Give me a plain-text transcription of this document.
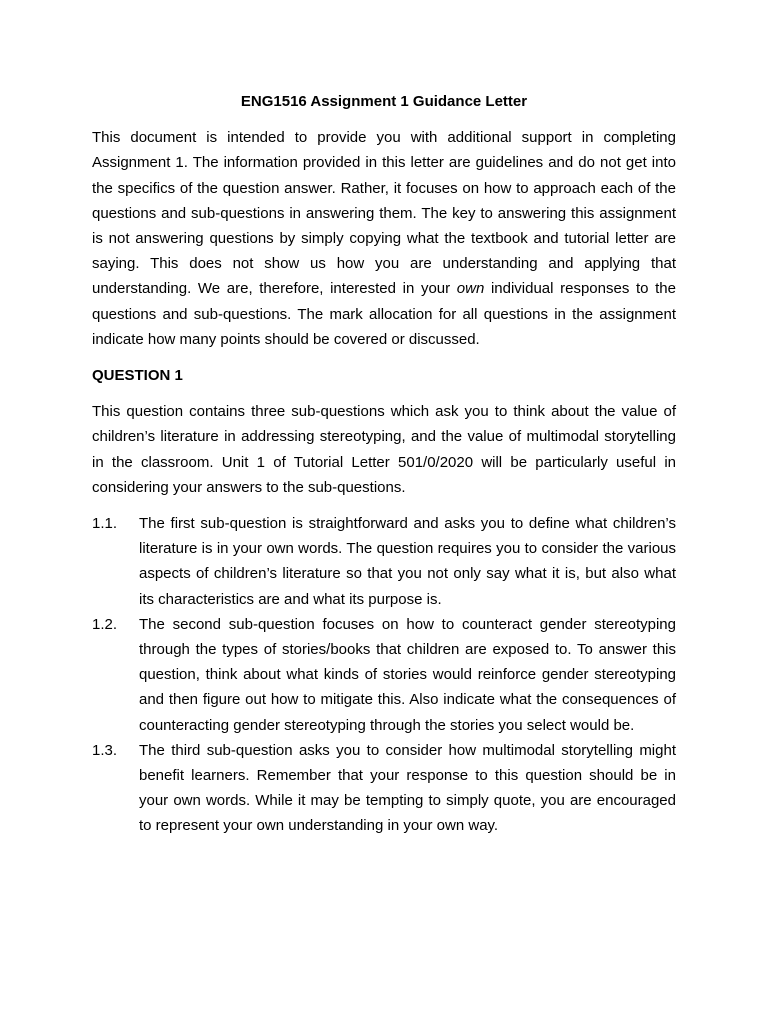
ENG1516 Assignment 1 Guidance Letter
This document is intended to provide you with additional support in completing Assignment 1. The information provided in this letter are guidelines and do not get into the specifics of the question answer. Rather, it focuses on how to approach each of the questions and sub-questions in answering them. The key to answering this assignment is not answering questions by simply copying what the textbook and tutorial letter are saying. This does not show us how you are understanding and applying that understanding. We are, therefore, interested in your own individual responses to the questions and sub-questions. The mark allocation for all questions in the assignment indicate how many points should be covered or discussed.
QUESTION 1
This question contains three sub-questions which ask you to think about the value of children’s literature in addressing stereotyping, and the value of multimodal storytelling in the classroom. Unit 1 of Tutorial Letter 501/0/2020 will be particularly useful in considering your answers to the sub-questions.
1.1.	The first sub-question is straightforward and asks you to define what children’s literature is in your own words. The question requires you to consider the various aspects of children’s literature so that you not only say what it is, but also what its characteristics are and what its purpose is.
1.2.	The second sub-question focuses on how to counteract gender stereotyping through the types of stories/books that children are exposed to. To answer this question, think about what kinds of stories would reinforce gender stereotyping and then figure out how to mitigate this. Also indicate what the consequences of counteracting gender stereotyping through the stories you select would be.
1.3.	The third sub-question asks you to consider how multimodal storytelling might benefit learners. Remember that your response to this question should be in your own words. While it may be tempting to simply quote, you are encouraged to represent your own understanding in your own way.
